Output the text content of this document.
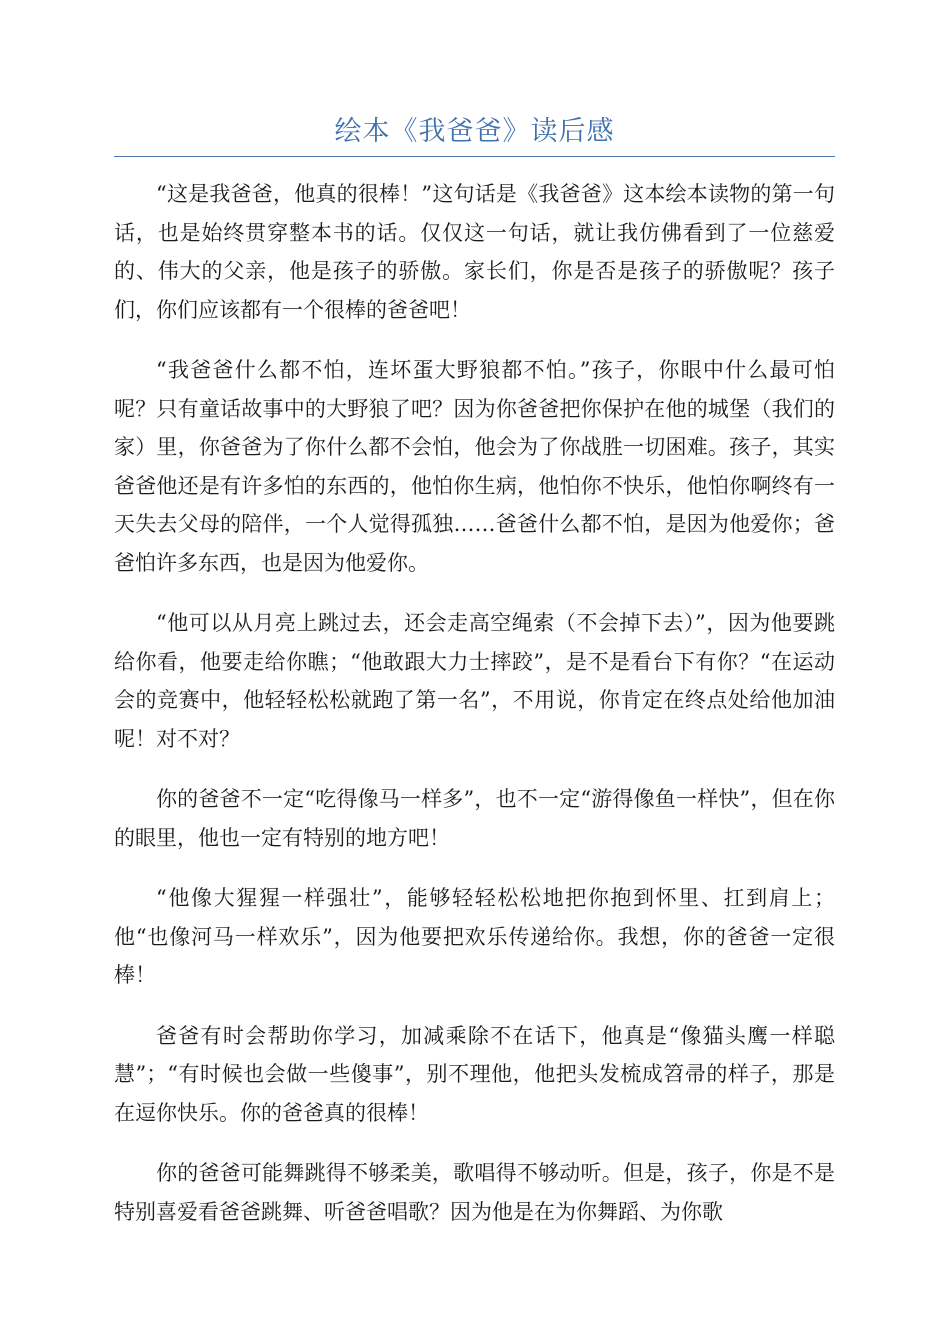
绘本《我爸爸》读后感

“这是我爸爸，他真的很棒！”这句话是《我爸爸》这本绘本读物的第一句话，也是始终贯穿整本书的话。仅仅这一句话，就让我仿佛看到了一位慈爱的、伟大的父亲，他是孩子的骄傲。家长们，你是否是孩子的骄傲呢？孩子们，你们应该都有一个很棒的爸爸吧！

“我爸爸什么都不怕，连坏蛋大野狼都不怕。”孩子，你眼中什么最可怕呢？只有童话故事中的大野狼了吧？因为你爸爸把你保护在他的城堡（我们的家）里，你爸爸为了你什么都不会怕，他会为了你战胜一切困难。孩子，其实爸爸他还是有许多怕的东西的，他怕你生病，他怕你不快乐，他怕你啊终有一天失去父母的陪伴，一个人觉得孤独……爸爸什么都不怕，是因为他爱你；爸爸怕许多东西，也是因为他爱你。

“他可以从月亮上跳过去，还会走高空绳索（不会掉下去）”，因为他要跳给你看，他要走给你瞧；“他敢跟大力士摔跤”，是不是看台下有你？“在运动会的竞赛中，他轻轻松松就跑了第一名”，不用说，你肯定在终点处给他加油呢！对不对？

你的爸爸不一定“吃得像马一样多”，也不一定“游得像鱼一样快”，但在你的眼里，他也一定有特别的地方吧！

“他像大猩猩一样强壮”，能够轻轻松松地把你抱到怀里、扛到肩上；他“也像河马一样欢乐”，因为他要把欢乐传递给你。我想，你的爸爸一定很棒！

爸爸有时会帮助你学习，加减乘除不在话下，他真是“像猫头鹰一样聪慧”；“有时候也会做一些傻事”，别不理他，他把头发梳成笤帚的样子，那是在逗你快乐。你的爸爸真的很棒！

你的爸爸可能舞跳得不够柔美，歌唱得不够动听。但是，孩子，你是不是特别喜爱看爸爸跳舞、听爸爸唱歌？因为他是在为你舞蹈、为你歌
